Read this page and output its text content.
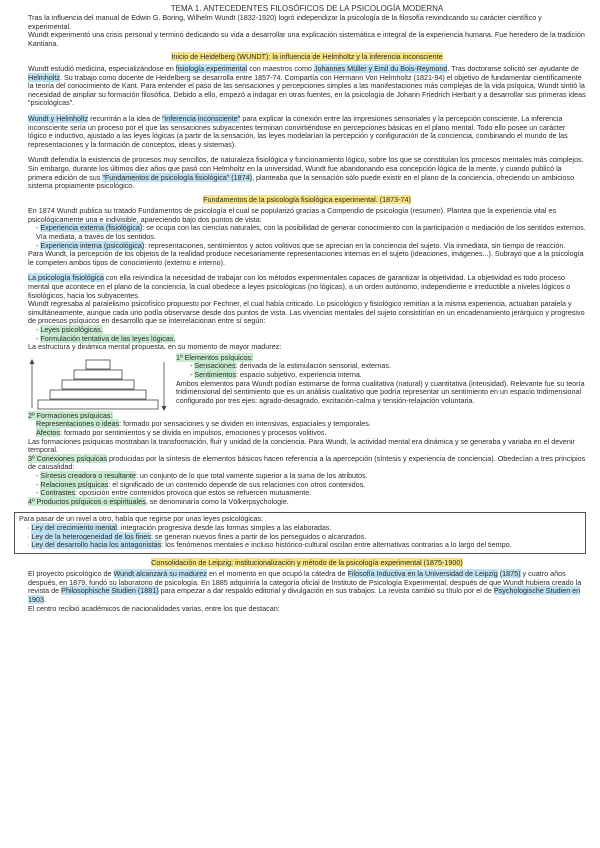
TEMA 1. ANTECEDENTES FILOSÓFICOS DE LA PSICOLOGÍA MODERNA

Tras la influencia del manual de Edwin G. Boring, Wilhelm Wundt (1832-1920) logró independizar la psicología de la filosofía reivindicando su carácter científico y experimental.

Wundt experimentó una crisis personal y terminó dedicando su vida a desarrollar una explicación sistemática e integral de la experiencia humana. Fue heredero de la tradición Kantiana.

Inicio de Heidelberg (WUNDT): la influencia de Helmholtz y la inferencia inconsciente

Wundt estudió medicina, especializándose en fisiología experimental con maestros como Johannes Müller y Emil du Bois-Reymond. Tras doctorarse solicitó ser ayudante de Helmholtz. Su trabajo como docente de Heidelberg se desarrolla entre 1857-74. Compartía con Hermann Von Helmholtz (1821-94) el objetivo de fundamentar científicamente la teoría del conocimiento de Kant. Para entender el paso de las sensaciones y percepciones simples a las manifestaciones más complejas de la vida psíquica, Wundt sintió la necesidad de ampliar su formación filosófica. Debido a ello, empezó a indagar en otras fuentes, en la psicología de Johann Friedrich Herbart y a desarrollar sus primeras ideas "psicológicas".

Wundt y Helmholtz recurrirán a la idea de "inferencia inconsciente" para explicar la conexión entre las impresiones sensoriales y la percepción consciente. La inferencia inconsciente sería un proceso por el que las sensaciones subyacentes terminan convirtiéndose en percepciones básicas en el plano mental. Todo ello posee un carácter lógico e inductivo, ajustado a las leyes lógicas (a partir de la sensación, las leyes modelarían la percepción y configuración de la conciencia, combinando el mundo de las representaciones y la formación de conceptos, ideas y sistemas).

Wundt defendía la existencia de procesos muy sencillos, de naturaleza fisiológica y funcionamiento lógico, sobre los que se constituían los procesos mentales más complejos. Sin embargo, durante los últimos diez años que pasó con Helmholtz en la universidad, Wundt fue abandonando esa concepción lógica de la mente, y cuando publicó la primera edición de sus "Fundamentos de psicología fisiológica" (1874), planteaba que la sensación sólo puede existir en el plano de la conciencia, ofreciendo un ambicioso sistema propiamente psicológico.

Fundamentos de la psicología fisiológica experimental. (1873-74)

En 1874 Wundt publica su tratado Fundamentos de psicología el cual se popularizó gracias a Compendio de psicología (resumen). Plantea que la experiencia vital es psicológicamente una e indivisible, apareciendo bajo dos puntos de vista:

- Experiencia externa (fisiológica): se ocupa con las ciencias naturales, con la posibilidad de generar conocimiento con la participación o mediación de los sentidos externos. Vía mediata, a través de los sentidos.
- Experiencia interna (psicológica): representaciones, sentimientos y actos volitivos que se aprecian en la conciencia del sujeto. Vía inmediata, sin tiempo de reacción.

Para Wundt, la percepción de los objetos de la realidad produce necesariamente representaciones internas en el sujeto (ideaciones, imágenes...). Subrayó que a la psicología le competen ambos tipos de conocimiento (externo e interno).

La psicología fisiológica con ella reivindica la necesidad de trabajar con los métodos experimentales capaces de garantizar la objetividad. La objetividad es todo proceso mental que acontece en el plano de la conciencia, la cual obedece a leyes psicológicas (no lógicas), a un orden autónomo, independiente e irreductible a niveles lógicos o fisiológicos, hacia los subyacentes.

Wundt regresaba al paralelismo psicofísico propuesto por Fechner, el cual había criticado. Lo psicológico y fisiológico remitían a la misma experiencia, actuaban paralela y simultáneamente, aunque cada uno podía observarse desde dos puntos de vista. Las vivencias mentales del sujeto consistirían en un encadenamiento jerárquico y progresivo de procesos psíquicos en desarrollo que se interrelacionan entre sí según:

- Leyes psicológicas.
- Formulación tentativa de las leyes lógicas.

La estructura y dinámica mental propuesta, en su momento de mayor madurez:

1º Elementos psíquicos:

- Sensaciones: derivada de la estimulación sensorial, externas.

- Sentimientos: espacio subjetivo, experiencia interna.

Ambos elementos para Wundt podían estimarse de forma cualitativa (natural) y cuantitativa (intensidad). Relevante fue su teoría tridimensional del sentimiento que es un análisis cualitativo que podría representar un sentimiento en un espacio tridimensional configurado por tres ejes: agrado-desagrado, excitación-calma y tensión-relajación voluntaria.

2º Formaciones psíquicas:

Representaciones o ideas: formado por sensaciones y se dividen en intensivas, espaciales y temporales.

Afectos: formado por sentimientos y se divida en impulsos, emociones y procesos volitivos.

Las formaciones psíquicas mostraban la transformación, fluir y unidad de la conciencia. Para Wundt, la actividad mental era dinámica y se generaba y variaba en el devenir temporal.

3º Conexiones psíquicas producidas por la síntesis de elementos básicos hacen referencia a la apercepción (síntesis y experiencia de conciencia). Obedecían a tres principios de causalidad:

- Síntesis creadora o resultante: un conjunto de lo que total vamente superior a la suma de los atributos.

- Relaciones psíquicas: el significado de un contenido depende de sus relaciones con otros contenidos.

- Contrastes: oposición entre contenidos provoca que estos se refuercen mutuamente.

4º Productos psíquicos o espirituales, se denominaría como la Völkerpsychologie.

Para pasar de un nivel a otro, había que regirse por unas leyes psicológicas:

· Ley del crecimiento mental: integración progresiva desde las formas simples a las elaboradas.

· Ley de la heterogeneidad de los fines: se generan nuevos fines a partir de los perseguidos o alcanzados.

· Ley del desarrollo hacia los antagonistas: los fenómenos mentales e incluso histórico-cultural oscilan entre alternativas contrarias a lo largo del tiempo.

Consolidación de Leipzig: institucionalización y método de la psicología experimental (1875-1900)

El proyecto psicológico de Wundt alcanzará su madurez en el momento en que ocupó la cátedra de Filosofía Inductiva en la Universidad de Leipzig (1875) y cuatro años después, en 1879, fundó su laboratorio de psicología. En 1885 adquiriría la categoría oficial de Instituto de Psicología Experimental, después de que Wundt hubiera creado la revista de Philosophische Studien (1881) para empezar a dar respaldo editorial y divulgación en sus trabajos. La revista cambió su título por el de Psychologische Studien en 1903.

El centro recibió académicos de nacionalidades varias, entre los que destacan:
